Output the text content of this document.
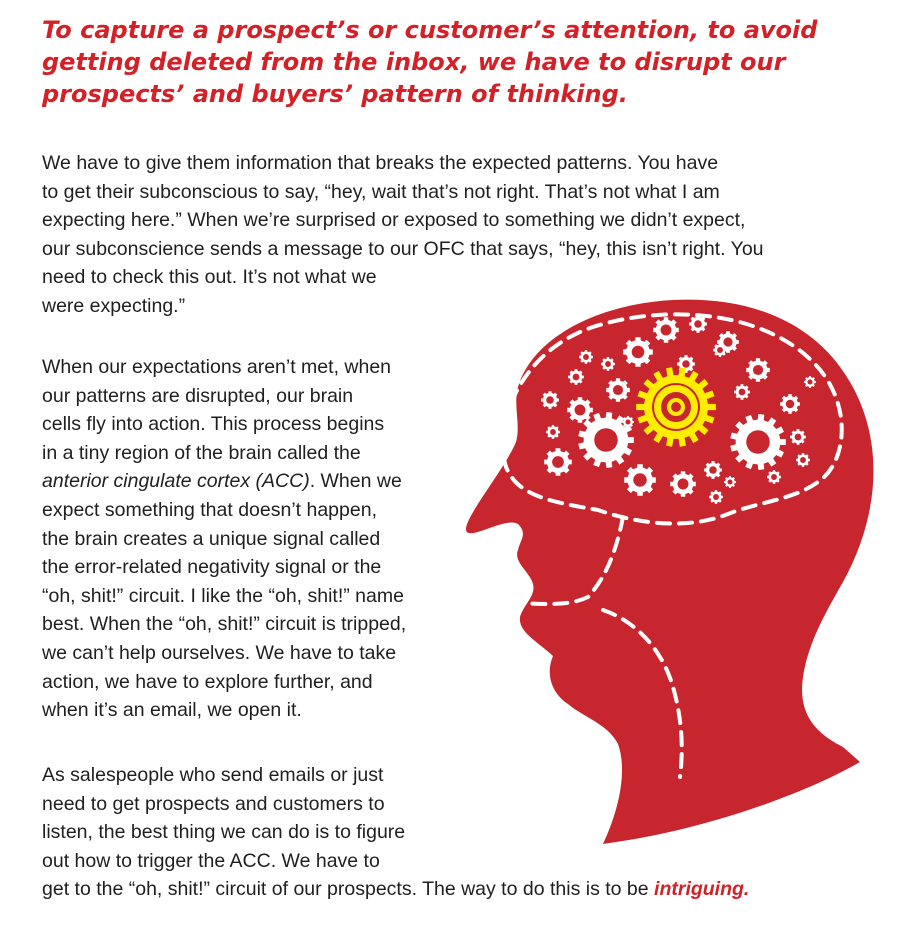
To capture a prospect’s or customer’s attention, to avoid
getting deleted from the inbox, we have to disrupt our
prospects’ and buyers’ pattern of thinking.

We have to give them information that breaks the expected patterns. You have
to get their subconscious to say, “hey, wait that’s not right. That’s not what I am
expecting here.” When we’re surprised or exposed to something we didn’t expect,
our subconscience sends a message to our OFC that says, “hey, this isn’t right. You
need to check this out. It’s not what we
were expecting.”

When our expectations aren’t met, when
our patterns are disrupted, our brain
cells fly into action. This process begins
in a tiny region of the brain called the
anterior cingulate cortex (ACC). When we
expect something that doesn’t happen,
the brain creates a unique signal called
the error-related negativity signal or the
“oh, shit!” circuit. I like the “oh, shit!” name
best. When the “oh, shit!” circuit is tripped,
we can’t help ourselves. We have to take
action, we have to explore further, and
when it’s an email, we open it.

As salespeople who send emails or just
need to get prospects and customers to
listen, the best thing we can do is to figure
out how to trigger the ACC. We have to
get to the “oh, shit!” circuit of our prospects. The way to do this is to be intriguing.
